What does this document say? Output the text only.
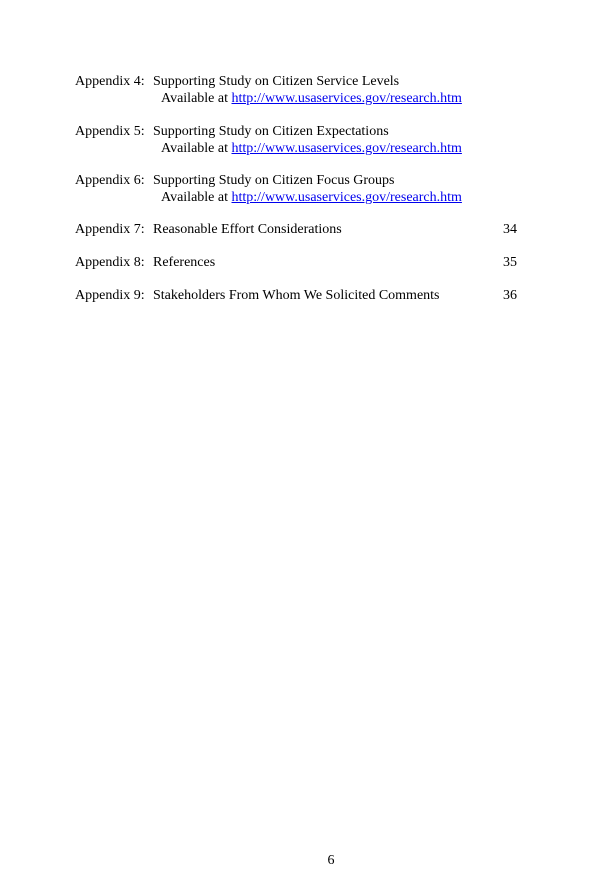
Appendix 4: Supporting Study on Citizen Service Levels
Available at http://www.usaservices.gov/research.htm
Appendix 5: Supporting Study on Citizen Expectations
Available at http://www.usaservices.gov/research.htm
Appendix 6: Supporting Study on Citizen Focus Groups
Available at http://www.usaservices.gov/research.htm
Appendix 7: Reasonable Effort Considerations	34
Appendix 8: References	35
Appendix 9: Stakeholders From Whom We Solicited Comments	36
6
